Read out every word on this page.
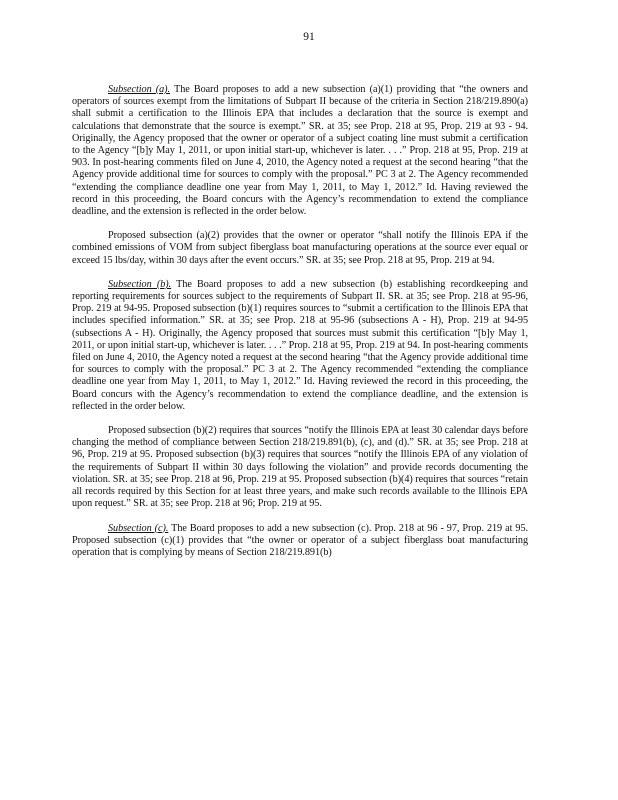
91

Subsection (a). The Board proposes to add a new subsection (a)(1) providing that “the owners and operators of sources exempt from the limitations of Subpart II because of the criteria in Section 218/219.890(a) shall submit a certification to the Illinois EPA that includes a declaration that the source is exempt and calculations that demonstrate that the source is exempt.” SR. at 35; see Prop. 218 at 95, Prop. 219 at 93 - 94. Originally, the Agency proposed that the owner or operator of a subject coating line must submit a certification to the Agency “[b]y May 1, 2011, or upon initial start-up, whichever is later. . . .” Prop. 218 at 95, Prop. 219 at 903. In post-hearing comments filed on June 4, 2010, the Agency noted a request at the second hearing “that the Agency provide additional time for sources to comply with the proposal.” PC 3 at 2. The Agency recommended “extending the compliance deadline one year from May 1, 2011, to May 1, 2012.” Id. Having reviewed the record in this proceeding, the Board concurs with the Agency’s recommendation to extend the compliance deadline, and the extension is reflected in the order below.

Proposed subsection (a)(2) provides that the owner or operator “shall notify the Illinois EPA if the combined emissions of VOM from subject fiberglass boat manufacturing operations at the source ever equal or exceed 15 lbs/day, within 30 days after the event occurs.” SR. at 35; see Prop. 218 at 95, Prop. 219 at 94.

Subsection (b). The Board proposes to add a new subsection (b) establishing recordkeeping and reporting requirements for sources subject to the requirements of Subpart II. SR. at 35; see Prop. 218 at 95-96, Prop. 219 at 94-95. Proposed subsection (b)(1) requires sources to “submit a certification to the Illinois EPA that includes specified information.” SR. at 35; see Prop. 218 at 95-96 (subsections A - H), Prop. 219 at 94-95 (subsections A - H). Originally, the Agency proposed that sources must submit this certification “[b]y May 1, 2011, or upon initial start-up, whichever is later. . . .” Prop. 218 at 95, Prop. 219 at 94. In post-hearing comments filed on June 4, 2010, the Agency noted a request at the second hearing “that the Agency provide additional time for sources to comply with the proposal.” PC 3 at 2. The Agency recommended “extending the compliance deadline one year from May 1, 2011, to May 1, 2012.” Id. Having reviewed the record in this proceeding, the Board concurs with the Agency’s recommendation to extend the compliance deadline, and the extension is reflected in the order below.

Proposed subsection (b)(2) requires that sources “notify the Illinois EPA at least 30 calendar days before changing the method of compliance between Section 218/219.891(b), (c), and (d).” SR. at 35; see Prop. 218 at 96, Prop. 219 at 95. Proposed subsection (b)(3) requires that sources “notify the Illinois EPA of any violation of the requirements of Subpart II within 30 days following the violation” and provide records documenting the violation. SR. at 35; see Prop. 218 at 96, Prop. 219 at 95. Proposed subsection (b)(4) requires that sources “retain all records required by this Section for at least three years, and make such records available to the Illinois EPA upon request.” SR. at 35; see Prop. 218 at 96; Prop. 219 at 95.

Subsection (c). The Board proposes to add a new subsection (c). Prop. 218 at 96 - 97, Prop. 219 at 95. Proposed subsection (c)(1) provides that “the owner or operator of a subject fiberglass boat manufacturing operation that is complying by means of Section 218/219.891(b)
